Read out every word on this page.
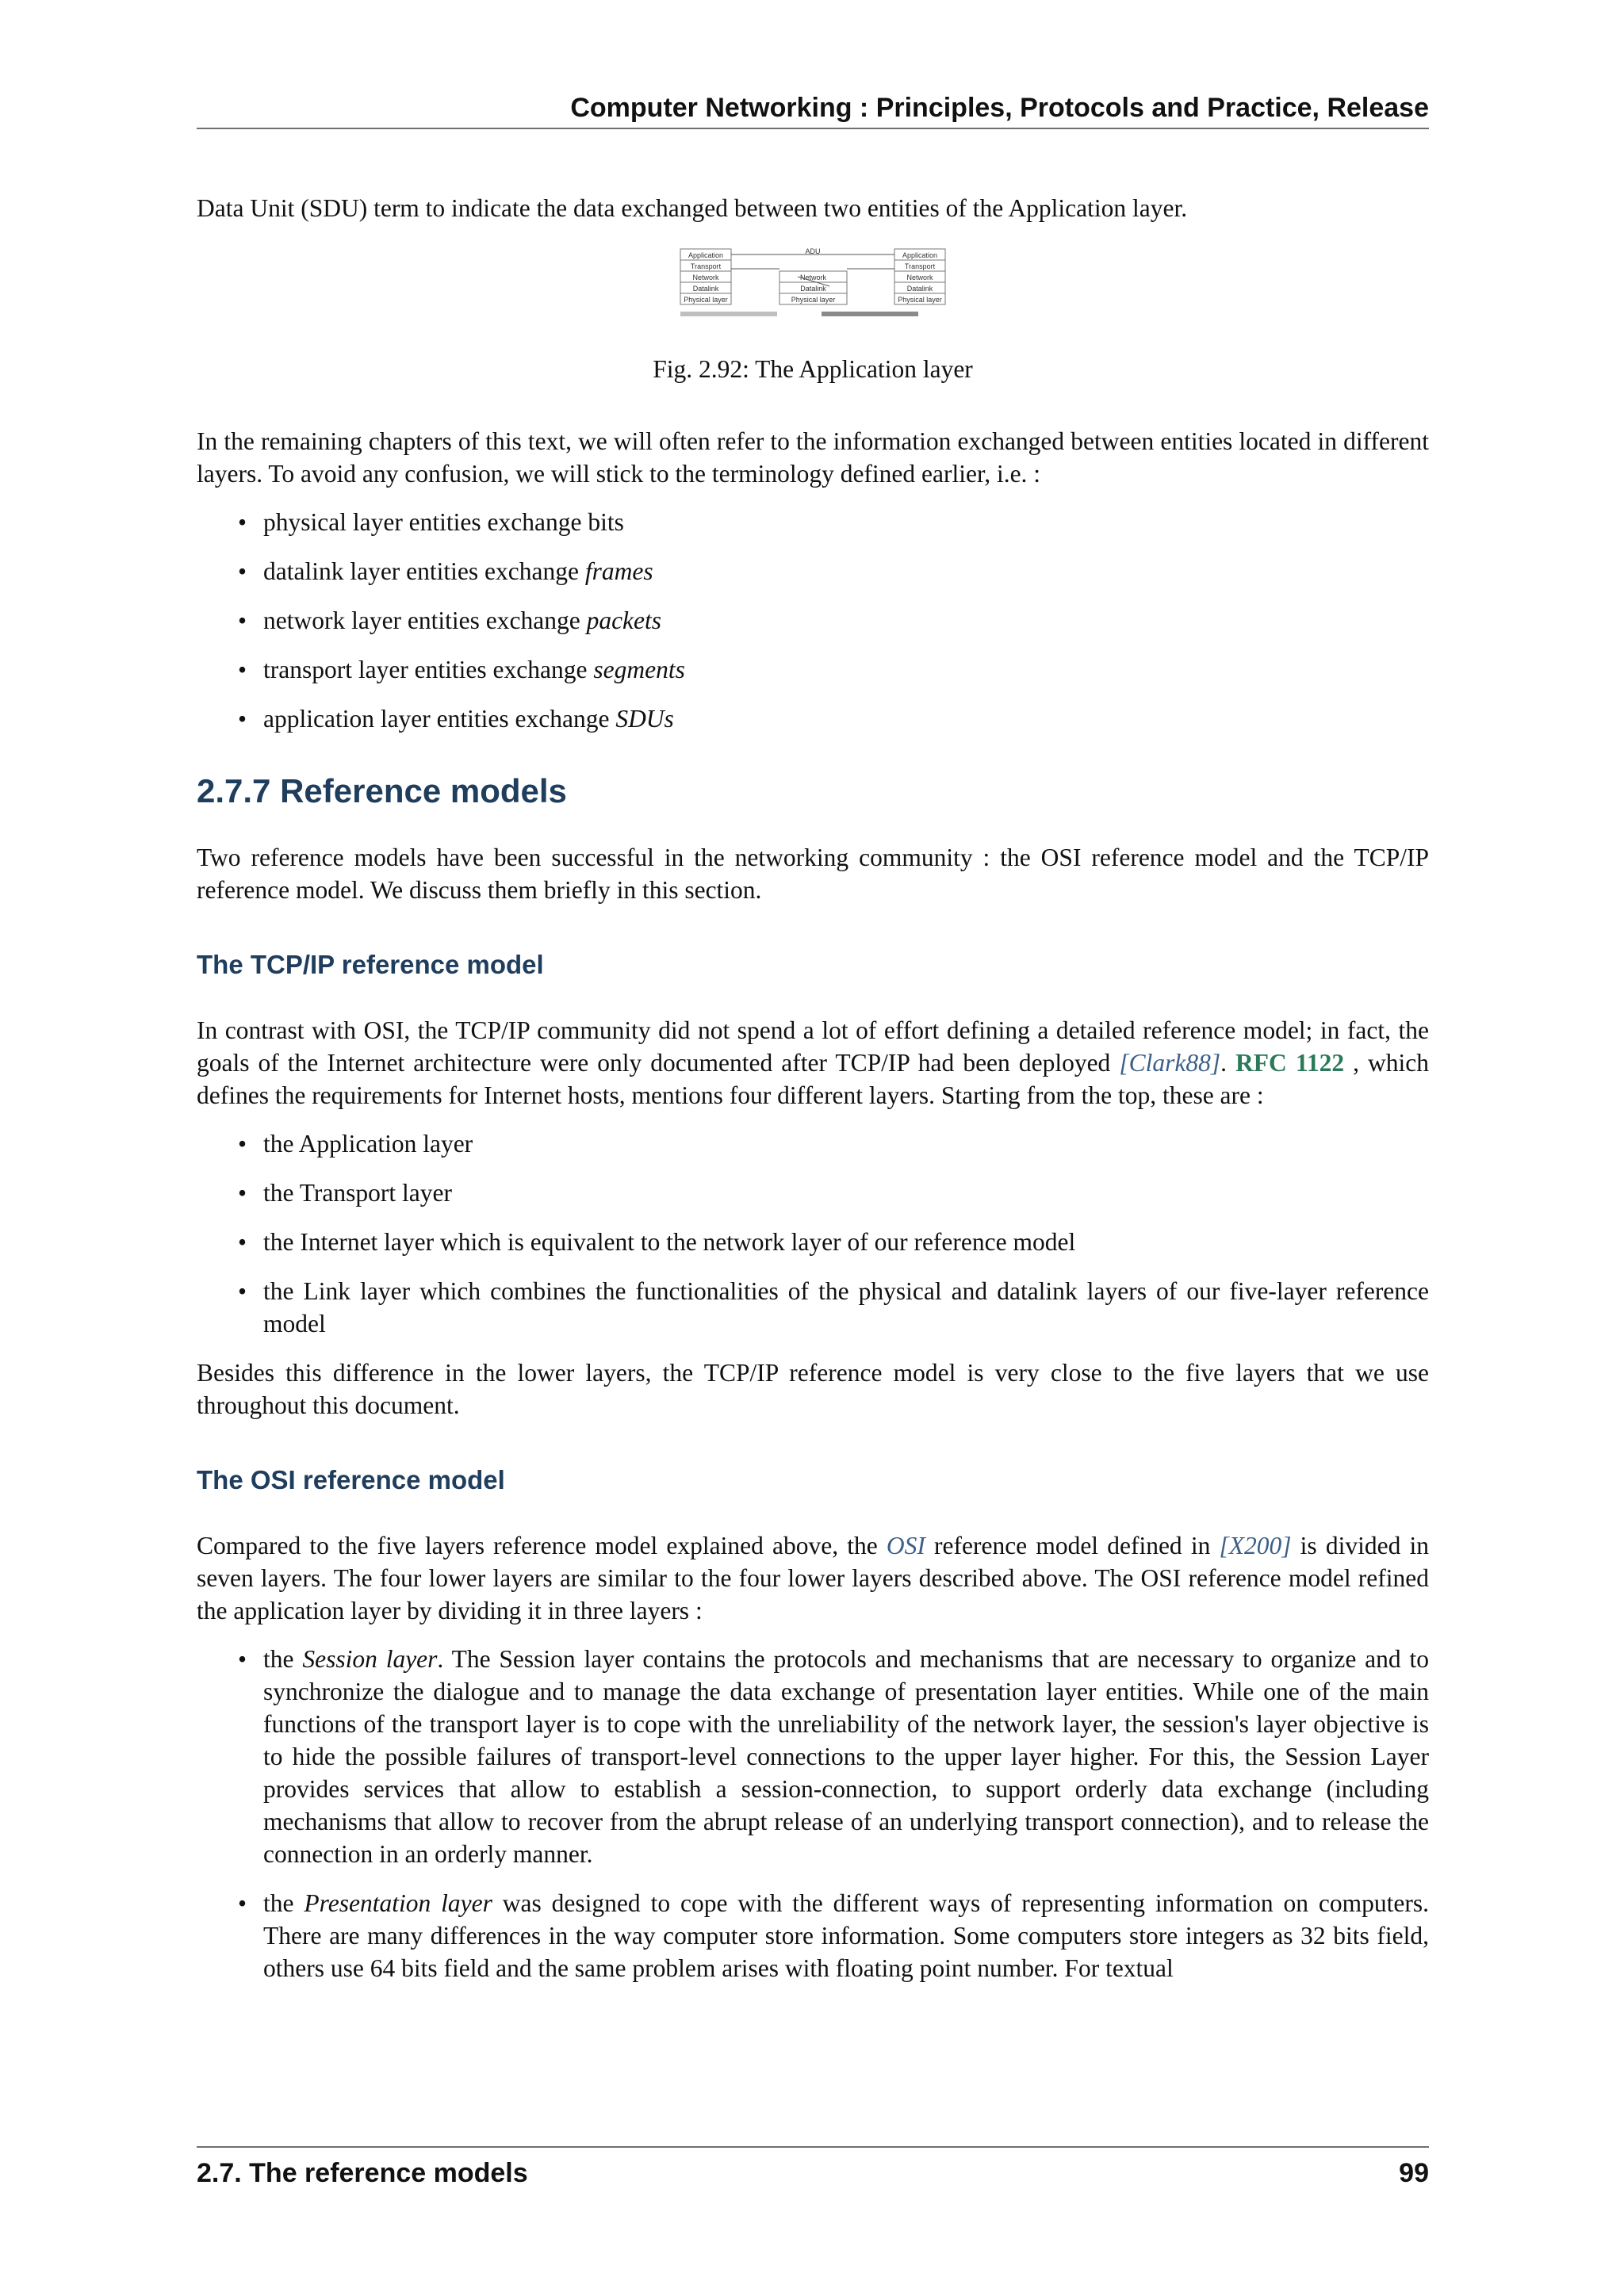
Computer Networking : Principles, Protocols and Practice, Release

Data Unit (SDU) term to indicate the data exchanged between two entities of the Application layer.

Application
Transport
Network
Datalink
Physical layer
Network
Datalink
Physical layer
Application
Transport
Network
Datalink
Physical layer
ADU
Fig. 2.92: The Application layer

In the remaining chapters of this text, we will often refer to the information exchanged between entities located in different layers. To avoid any confusion, we will stick to the terminology defined earlier, i.e. :

• physical layer entities exchange bits
• datalink layer entities exchange frames
• network layer entities exchange packets
• transport layer entities exchange segments
• application layer entities exchange SDUs
2.7.7 Reference models

Two reference models have been successful in the networking community : the OSI reference model and the TCP/IP reference model. We discuss them briefly in this section.

The TCP/IP reference model

In contrast with OSI, the TCP/IP community did not spend a lot of effort defining a detailed reference model; in fact, the goals of the Internet architecture were only documented after TCP/IP had been deployed [Clark88]. RFC 1122 , which defines the requirements for Internet hosts, mentions four different layers. Starting from the top, these are :

• the Application layer
• the Transport layer
• the Internet layer which is equivalent to the network layer of our reference model
• the Link layer which combines the functionalities of the physical and datalink layers of our five-layer reference model

Besides this difference in the lower layers, the TCP/IP reference model is very close to the five layers that we use throughout this document.

The OSI reference model

Compared to the five layers reference model explained above, the OSI reference model defined in [X200] is divided in seven layers. The four lower layers are similar to the four lower layers described above. The OSI reference model refined the application layer by dividing it in three layers :

• the Session layer. The Session layer contains the protocols and mechanisms that are necessary to organize and to synchronize the dialogue and to manage the data exchange of presentation layer entities. While one of the main functions of the transport layer is to cope with the unreliability of the network layer, the session's layer objective is to hide the possible failures of transport-level connections to the upper layer higher. For this, the Session Layer provides services that allow to establish a session-connection, to support orderly data exchange (including mechanisms that allow to recover from the abrupt release of an underlying transport connection), and to release the connection in an orderly manner.
• the Presentation layer was designed to cope with the different ways of representing information on computers. There are many differences in the way computer store information. Some computers store integers as 32 bits field, others use 64 bits field and the same problem arises with floating point number. For textual
2.7. The reference models	99
